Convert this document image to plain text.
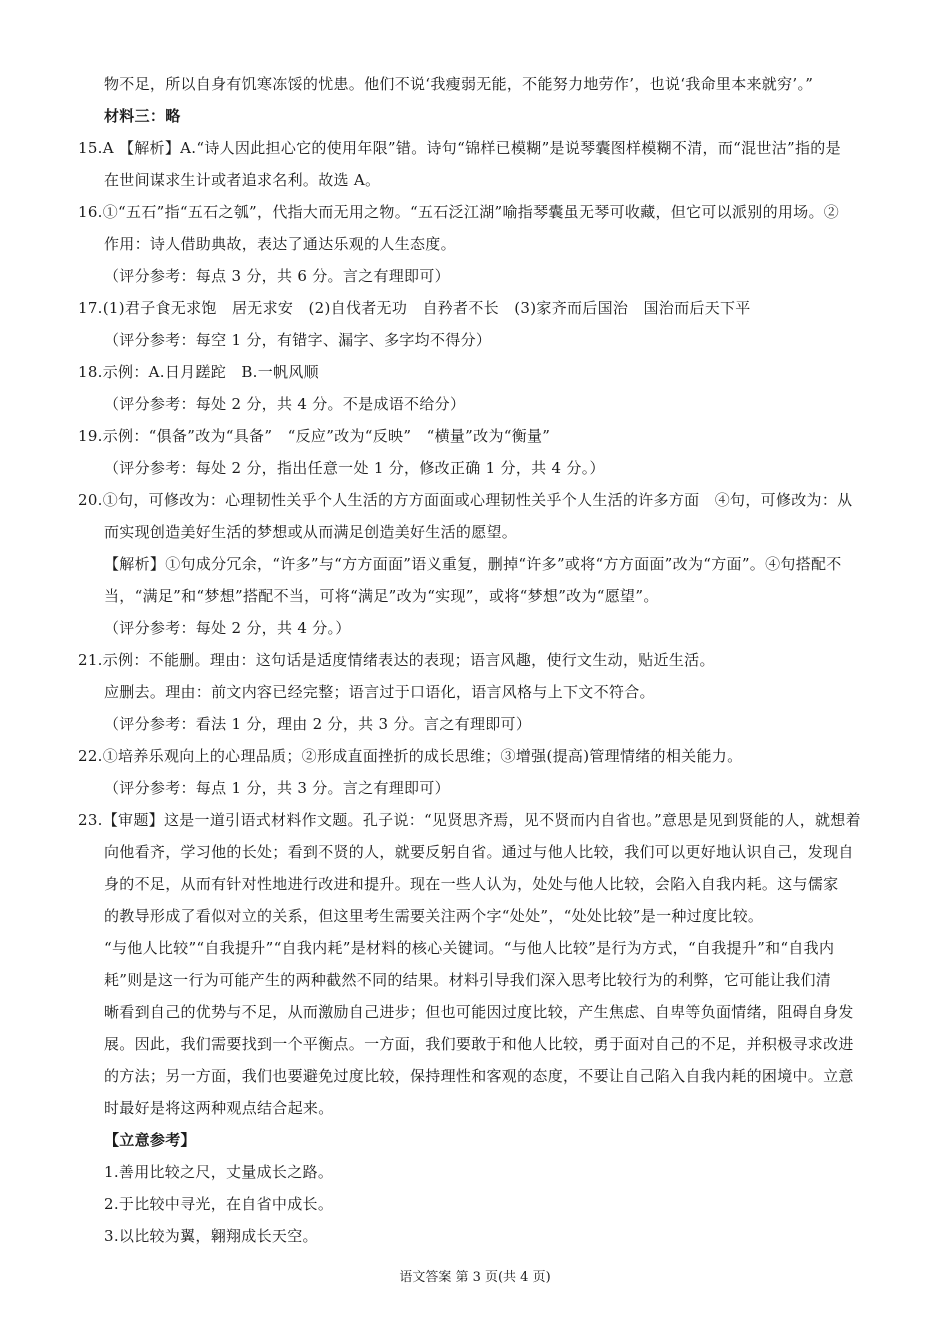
物不足，所以自身有饥寒冻馁的忧患。他们不说‘我瘦弱无能，不能努力地劳作’，也说‘我命里本来就穷’。”
材料三：略
15.A 【解析】A.“诗人因此担心它的使用年限”错。诗句“锦样已模糊”是说琴囊图样模糊不清，而“混世沽”指的是
在世间谋求生计或者追求名利。故选 A。
16.①“五石”指“五石之瓠”，代指大而无用之物。“五石泛江湖”喻指琴囊虽无琴可收藏，但它可以派别的用场。②
作用：诗人借助典故，表达了通达乐观的人生态度。
（评分参考：每点 3 分，共 6 分。言之有理即可）
17.(1)君子食无求饱　居无求安　(2)自伐者无功　自矜者不长　(3)家齐而后国治　国治而后天下平
（评分参考：每空 1 分，有错字、漏字、多字均不得分）
18.示例：A.日月蹉跎　B.一帆风顺
（评分参考：每处 2 分，共 4 分。不是成语不给分）
19.示例：“俱备”改为“具备”　“反应”改为“反映”　“横量”改为“衡量”
（评分参考：每处 2 分，指出任意一处 1 分，修改正确 1 分，共 4 分。）
20.①句，可修改为：心理韧性关乎个人生活的方方面面或心理韧性关乎个人生活的许多方面　④句，可修改为：从
而实现创造美好生活的梦想或从而满足创造美好生活的愿望。
【解析】①句成分冗余，“许多”与“方方面面”语义重复，删掉“许多”或将“方方面面”改为“方面”。④句搭配不
当，“满足”和“梦想”搭配不当，可将“满足”改为“实现”，或将“梦想”改为“愿望”。
（评分参考：每处 2 分，共 4 分。）
21.示例：不能删。理由：这句话是适度情绪表达的表现；语言风趣，使行文生动，贴近生活。
应删去。理由：前文内容已经完整；语言过于口语化，语言风格与上下文不符合。
（评分参考：看法 1 分，理由 2 分，共 3 分。言之有理即可）
22.①培养乐观向上的心理品质；②形成直面挫折的成长思维；③增强(提高)管理情绪的相关能力。
（评分参考：每点 1 分，共 3 分。言之有理即可）
23.【审题】这是一道引语式材料作文题。孔子说：“见贤思齐焉，见不贤而内自省也。”意思是见到贤能的人，就想着
向他看齐，学习他的长处；看到不贤的人，就要反躬自省。通过与他人比较，我们可以更好地认识自己，发现自
身的不足，从而有针对性地进行改进和提升。现在一些人认为，处处与他人比较，会陷入自我内耗。这与儒家
的教导形成了看似对立的关系，但这里考生需要关注两个字“处处”，“处处比较”是一种过度比较。
“与他人比较”“自我提升”“自我内耗”是材料的核心关键词。“与他人比较”是行为方式，“自我提升”和“自我内
耗”则是这一行为可能产生的两种截然不同的结果。材料引导我们深入思考比较行为的利弊，它可能让我们清
晰看到自己的优势与不足，从而激励自己进步；但也可能因过度比较，产生焦虑、自卑等负面情绪，阻碍自身发
展。因此，我们需要找到一个平衡点。一方面，我们要敢于和他人比较，勇于面对自己的不足，并积极寻求改进
的方法；另一方面，我们也要避免过度比较，保持理性和客观的态度，不要让自己陷入自我内耗的困境中。立意
时最好是将这两种观点结合起来。
【立意参考】
1.善用比较之尺，丈量成长之路。
2.于比较中寻光，在自省中成长。
3.以比较为翼，翱翔成长天空。
语文答案 第 3 页(共 4 页)
